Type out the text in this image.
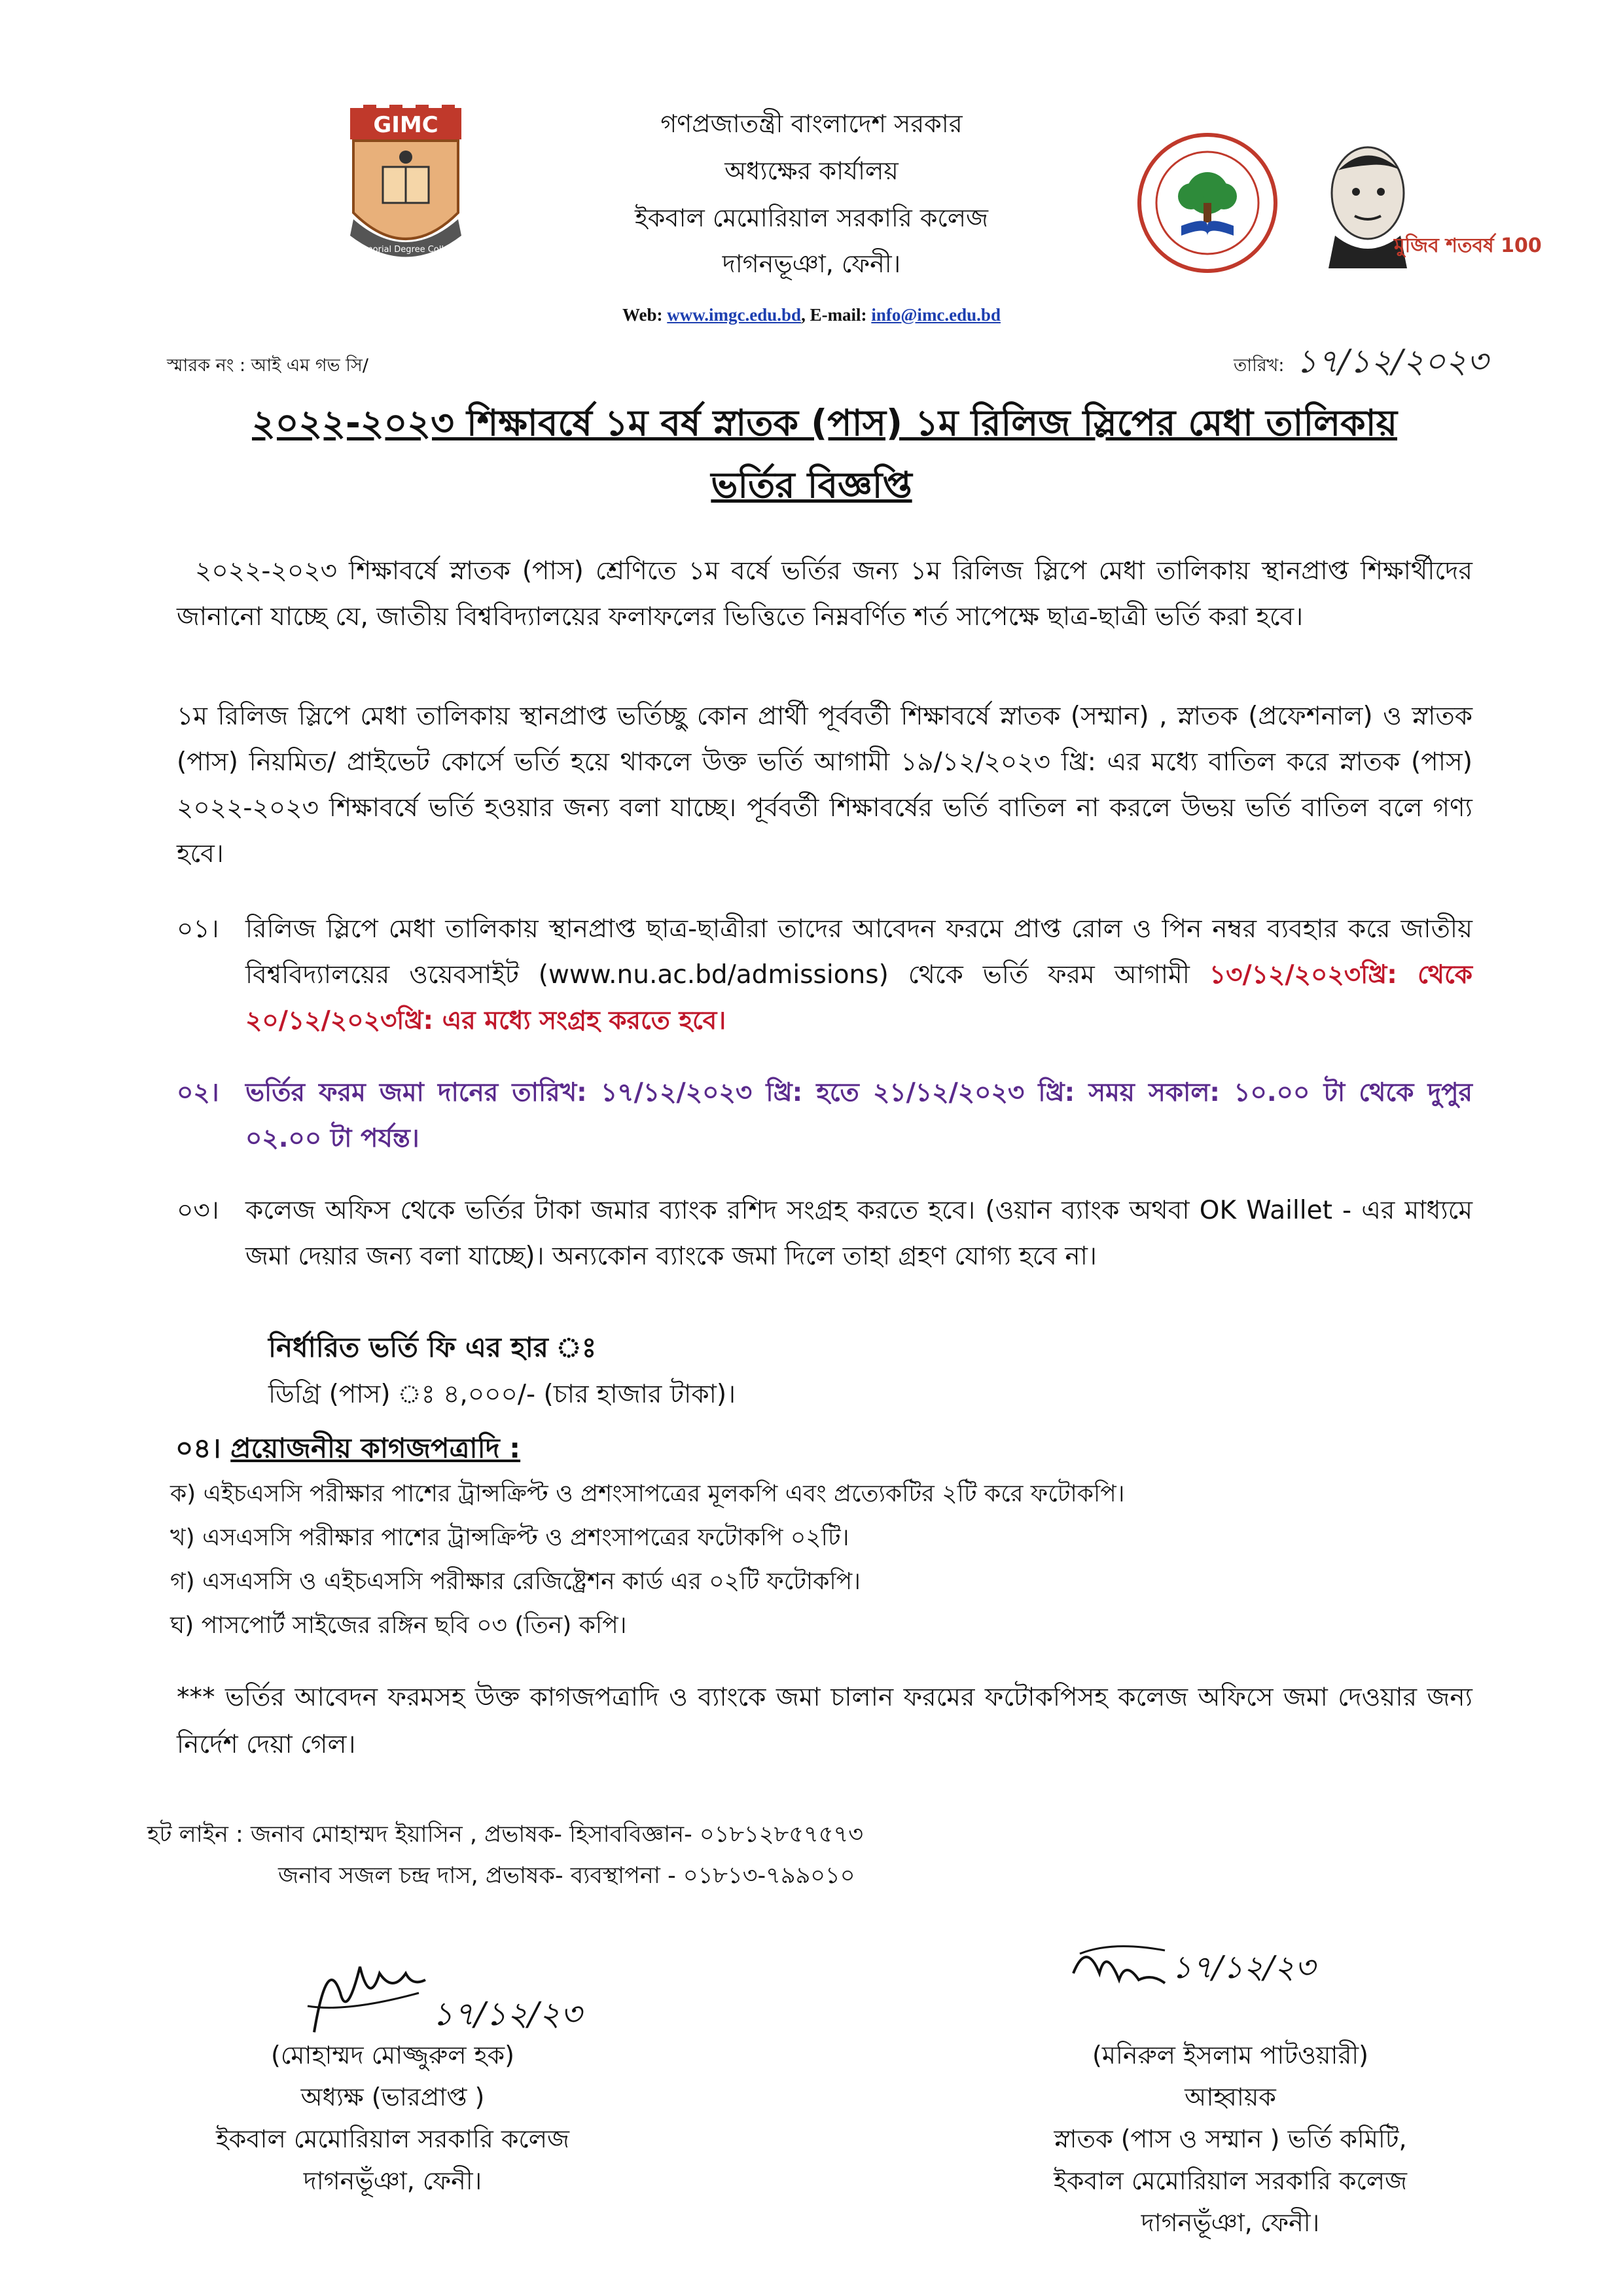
GIMC
Memorial Degree College	মুজিব শতবর্ষ 100
গণপ্রজাতন্ত্রী বাংলাদেশ সরকার
অধ্যক্ষের কার্যালয়
ইকবাল মেমোরিয়াল সরকারি কলেজ
দাগনভূঞা, ফেনী।
Web: www.imgc.edu.bd, E-mail: info@imc.edu.bd
স্মারক নং : আই এম গভ সি/	তারিখ: ১৭/১২/২০২৩
২০২২-২০২৩ শিক্ষাবর্ষে ১ম বর্ষ স্নাতক (পাস) ১ম রিলিজ স্লিপের মেধা তালিকায়
ভর্তির বিজ্ঞপ্তি
২০২২-২০২৩ শিক্ষাবর্ষে স্নাতক (পাস) শ্রেণিতে ১ম বর্ষে ভর্তির জন্য ১ম রিলিজ স্লিপে মেধা তালিকায় স্থানপ্রাপ্ত শিক্ষার্থীদের জানানো যাচ্ছে যে, জাতীয় বিশ্ববিদ্যালয়ের ফলাফলের ভিত্তিতে নিম্নবর্ণিত শর্ত সাপেক্ষে ছাত্র-ছাত্রী ভর্তি করা হবে।
১ম রিলিজ স্লিপে মেধা তালিকায় স্থানপ্রাপ্ত ভর্তিচ্ছু কোন প্রার্থী পূর্ববর্তী শিক্ষাবর্ষে স্নাতক (সম্মান) , স্নাতক (প্রফেশনাল) ও স্নাতক (পাস) নিয়মিত/ প্রাইভেট কোর্সে ভর্তি হয়ে থাকলে উক্ত ভর্তি আগামী ১৯/১২/২০২৩ খ্রি: এর মধ্যে বাতিল করে স্নাতক (পাস) ২০২২-২০২৩ শিক্ষাবর্ষে ভর্তি হওয়ার জন্য বলা যাচ্ছে। পূর্ববর্তী শিক্ষাবর্ষের ভর্তি বাতিল না করলে উভয় ভর্তি বাতিল বলে গণ্য হবে।
০১। রিলিজ স্লিপে মেধা তালিকায় স্থানপ্রাপ্ত ছাত্র-ছাত্রীরা তাদের আবেদন ফরমে প্রাপ্ত রোল ও পিন নম্বর ব্যবহার করে জাতীয় বিশ্ববিদ্যালয়ের ওয়েবসাইট (www.nu.ac.bd/admissions) থেকে ভর্তি ফরম আগামী ১৩/১২/২০২৩খ্রি: থেকে ২০/১২/২০২৩খ্রি: এর মধ্যে সংগ্রহ করতে হবে।
০২। ভর্তির ফরম জমা দানের তারিখ: ১৭/১২/২০২৩ খ্রি: হতে ২১/১২/২০২৩ খ্রি: সময় সকাল: ১০.০০ টা থেকে দুপুর ০২.০০ টা পর্যন্ত।
০৩। কলেজ অফিস থেকে ভর্তির টাকা জমার ব্যাংক রশিদ সংগ্রহ করতে হবে। (ওয়ান ব্যাংক অথবা OK Waillet - এর মাধ্যমে জমা দেয়ার জন্য বলা যাচ্ছে)। অন্যকোন ব্যাংকে জমা দিলে তাহা গ্রহণ যোগ্য হবে না।
নির্ধারিত ভর্তি ফি এর হার ঃ
ডিগ্রি (পাস) ঃ ৪,০০০/- (চার হাজার টাকা)।
০৪। প্রয়োজনীয় কাগজপত্রাদি :
ক) এইচএসসি পরীক্ষার পাশের ট্রান্সক্রিপ্ট ও প্রশংসাপত্রের মূলকপি এবং প্রত্যেকটির ২টি করে ফটোকপি।
খ) এসএসসি পরীক্ষার পাশের ট্রান্সক্রিপ্ট ও প্রশংসাপত্রের ফটোকপি ০২টি।
গ) এসএসসি ও এইচএসসি পরীক্ষার রেজিষ্ট্রেশন কার্ড এর ০২টি ফটোকপি।
ঘ) পাসপোর্ট সাইজের রঙ্গিন ছবি ০৩ (তিন) কপি।
*** ভর্তির আবেদন ফরমসহ উক্ত কাগজপত্রাদি ও ব্যাংকে জমা চালান ফরমের ফটোকপিসহ কলেজ অফিসে জমা দেওয়ার জন্য নির্দেশ দেয়া গেল।
হট লাইন : জনাব মোহাম্মদ ইয়াসিন , প্রভাষক- হিসাববিজ্ঞান- ০১৮১২৮৫৭৫৭৩
জনাব সজল চন্দ্র দাস, প্রভাষক- ব্যবস্থাপনা - ০১৮১৩-৭৯৯০১০
১৭/১২/২৩
১৭/১২/২৩
(মোহাম্মদ মোজ্জুরুল হক)
অধ্যক্ষ (ভারপ্রাপ্ত )
ইকবাল মেমোরিয়াল সরকারি কলেজ
দাগনভূঁঞা, ফেনী।
(মনিরুল ইসলাম পাটওয়ারী)
আহ্বায়ক
স্নাতক (পাস ও সম্মান ) ভর্তি কমিটি,
ইকবাল মেমোরিয়াল সরকারি কলেজ
দাগনভূঁঞা, ফেনী।
